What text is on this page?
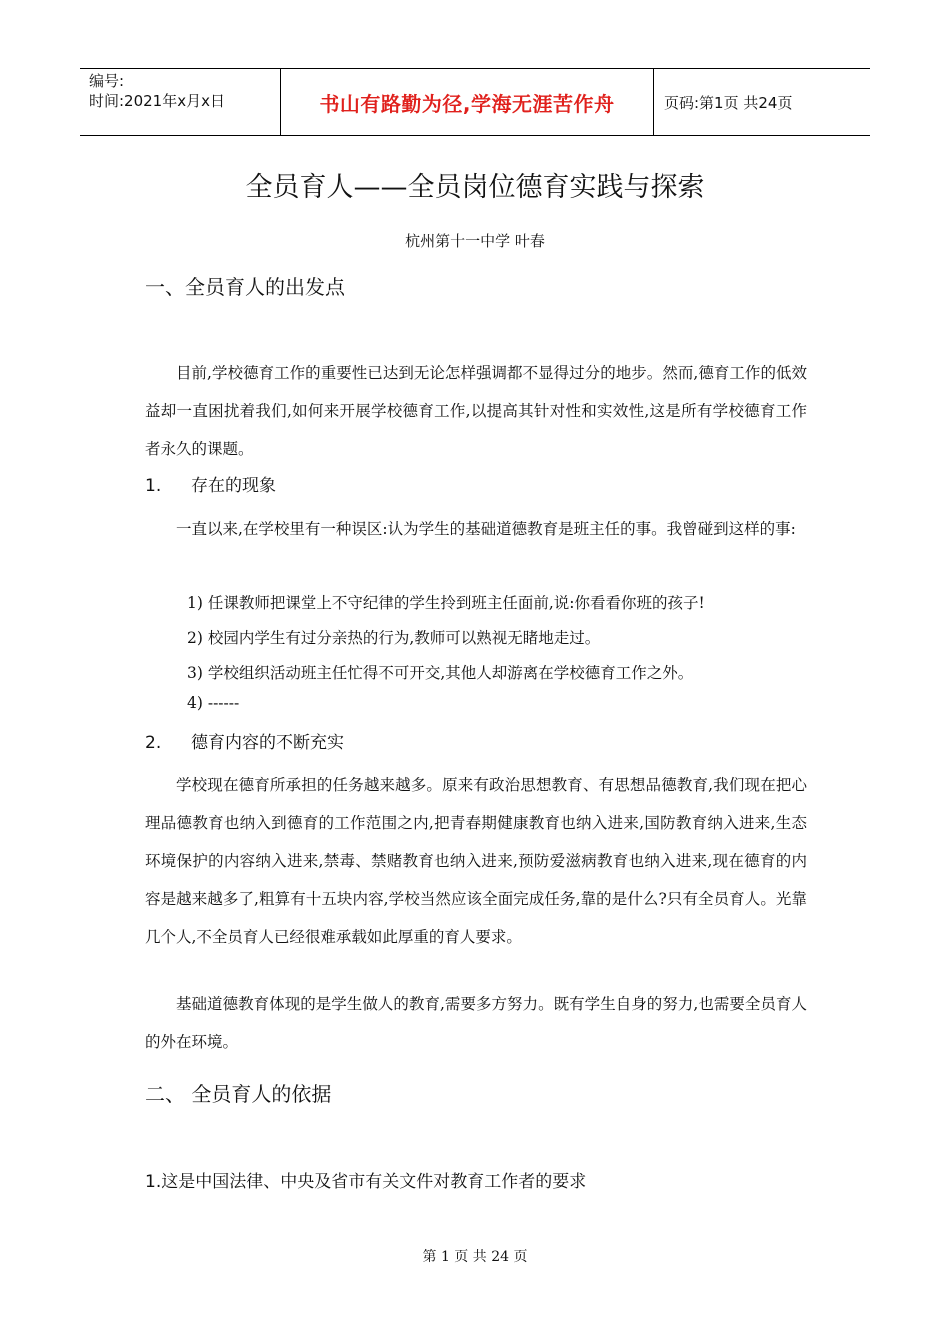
编号:
时间:2021年x月x日	书山有路勤为径,学海无涯苦作舟	页码:第1页 共24页
全员育人——全员岗位德育实践与探索
杭州第十一中学 叶春
一、全员育人的出发点

目前,学校德育工作的重要性已达到无论怎样强调都不显得过分的地步。然而,德育工作的低效益却一直困扰着我们,如何来开展学校德育工作,以提高其针对性和实效性,这是所有学校德育工作者永久的课题。

1. 存在的现象

一直以来,在学校里有一种误区:认为学生的基础道德教育是班主任的事。我曾碰到这样的事:

1) 任课教师把课堂上不守纪律的学生拎到班主任面前,说:你看看你班的孩子!
2) 校园内学生有过分亲热的行为,教师可以熟视无睹地走过。
3) 学校组织活动班主任忙得不可开交,其他人却游离在学校德育工作之外。
4) ------
2. 德育内容的不断充实

学校现在德育所承担的任务越来越多。原来有政治思想教育、有思想品德教育,我们现在把心理品德教育也纳入到德育的工作范围之内,把青春期健康教育也纳入进来,国防教育纳入进来,生态环境保护的内容纳入进来,禁毒、禁赌教育也纳入进来,预防爱滋病教育也纳入进来,现在德育的内容是越来越多了,粗算有十五块内容,学校当然应该全面完成任务,靠的是什么?只有全员育人。光靠几个人,不全员育人已经很难承载如此厚重的育人要求。

基础道德教育体现的是学生做人的教育,需要多方努力。既有学生自身的努力,也需要全员育人的外在环境。

二、 全员育人的依据
1.这是中国法律、中央及省市有关文件对教育工作者的要求
第 1 页 共 24 页
